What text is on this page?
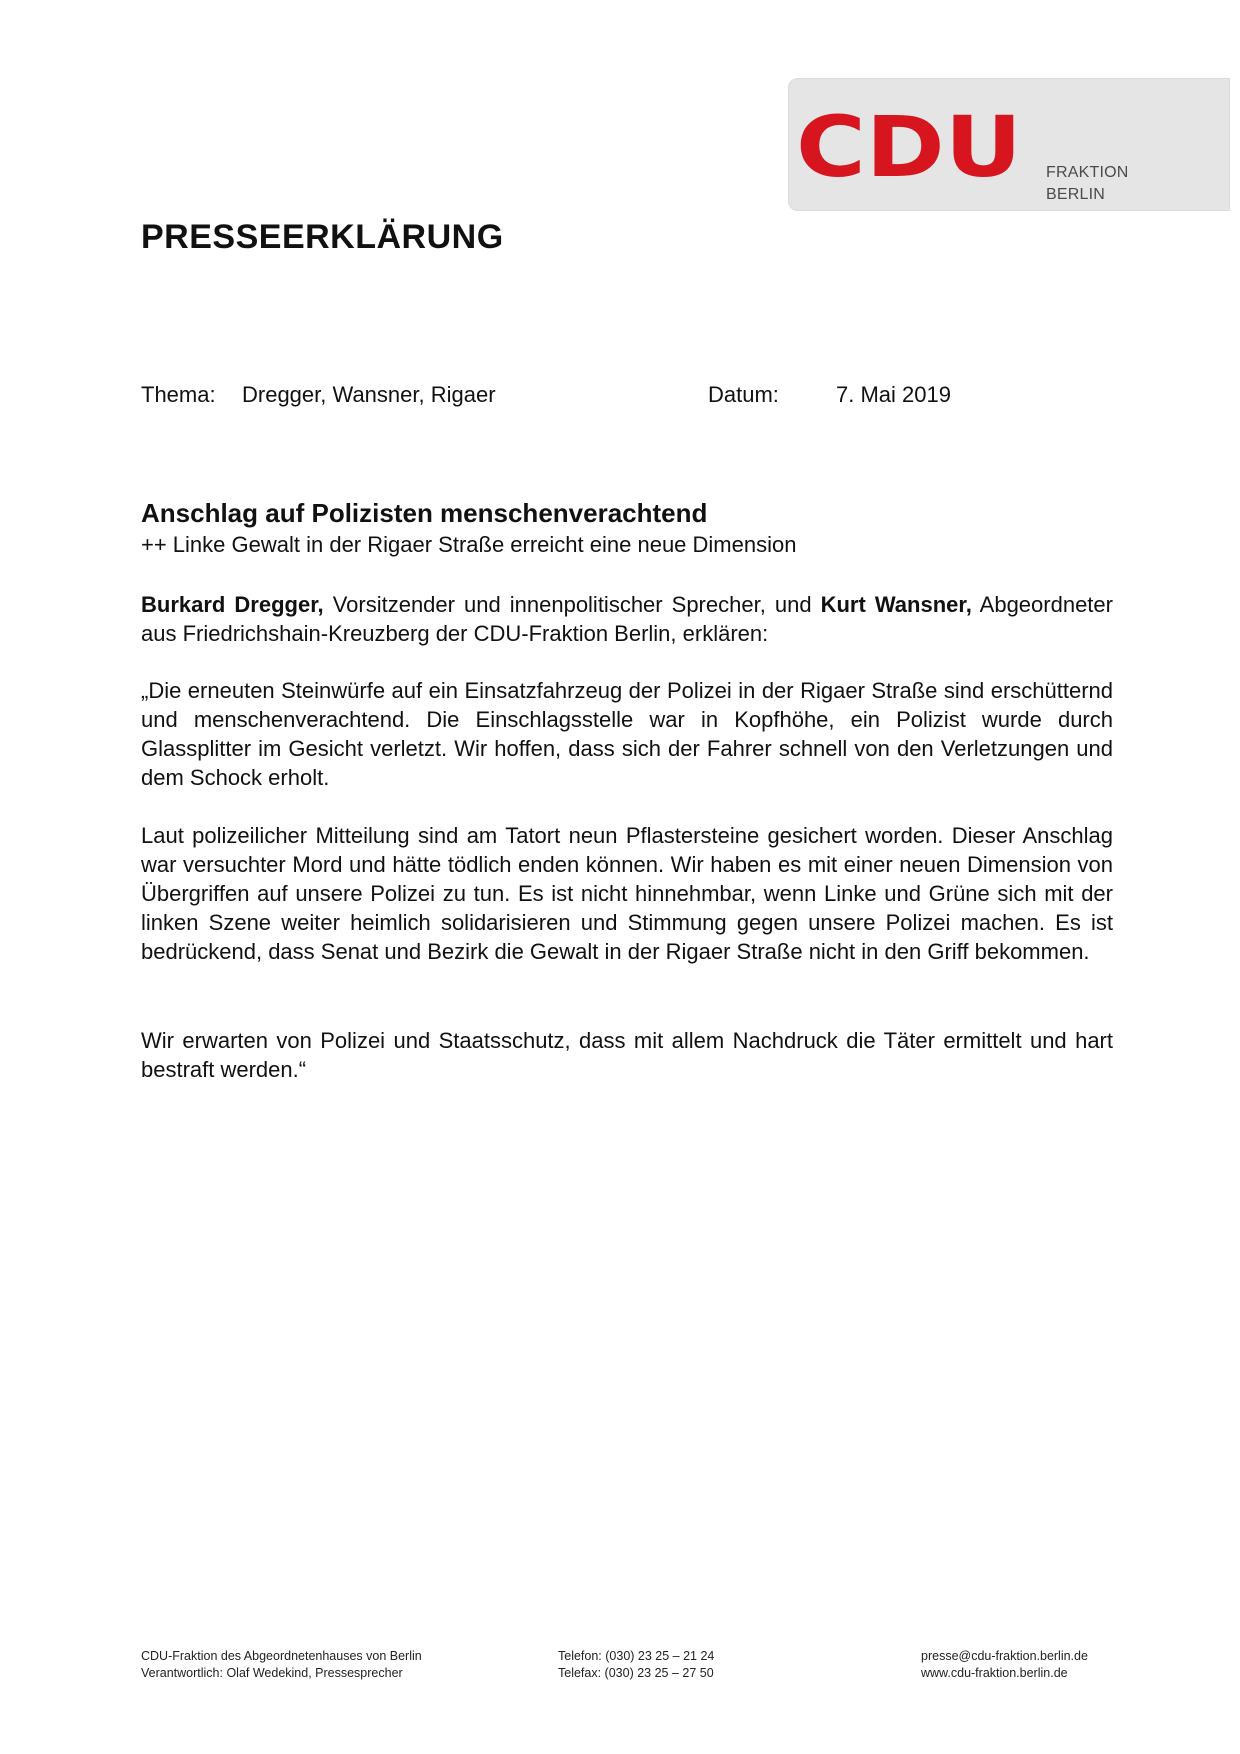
CDU FRAKTION
BERLIN
PRESSEERKLÄRUNG
Thema: Dregger, Wansner, Rigaer	Datum:	7. Mai 2019
Anschlag auf Polizisten menschenverachtend
++ Linke Gewalt in der Rigaer Straße erreicht eine neue Dimension
Burkard Dregger, Vorsitzender und innenpolitischer Sprecher, und Kurt Wansner, Abgeordneter aus Friedrichshain-Kreuzberg der CDU-Fraktion Berlin, erklären:
„Die erneuten Steinwürfe auf ein Einsatzfahrzeug der Polizei in der Rigaer Straße sind erschütternd und menschenverachtend. Die Einschlagsstelle war in Kopfhöhe, ein Polizist wurde durch Glassplitter im Gesicht verletzt. Wir hoffen, dass sich der Fahrer schnell von den Verletzungen und dem Schock erholt.
Laut polizeilicher Mitteilung sind am Tatort neun Pflastersteine gesichert worden. Dieser Anschlag war versuchter Mord und hätte tödlich enden können. Wir haben es mit einer neuen Dimension von Übergriffen auf unsere Polizei zu tun. Es ist nicht hinnehmbar, wenn Linke und Grüne sich mit der linken Szene weiter heimlich solidarisieren und Stimmung gegen unsere Polizei machen. Es ist bedrückend, dass Senat und Bezirk die Gewalt in der Rigaer Straße nicht in den Griff bekommen.
Wir erwarten von Polizei und Staatsschutz, dass mit allem Nachdruck die Täter ermittelt und hart bestraft werden.“
CDU-Fraktion des Abgeordnetenhauses von Berlin
Verantwortlich: Olaf Wedekind, Pressesprecher
Telefon: (030) 23 25 – 21 24
Telefax: (030) 23 25 – 27 50
presse@cdu-fraktion.berlin.de
www.cdu-fraktion.berlin.de
